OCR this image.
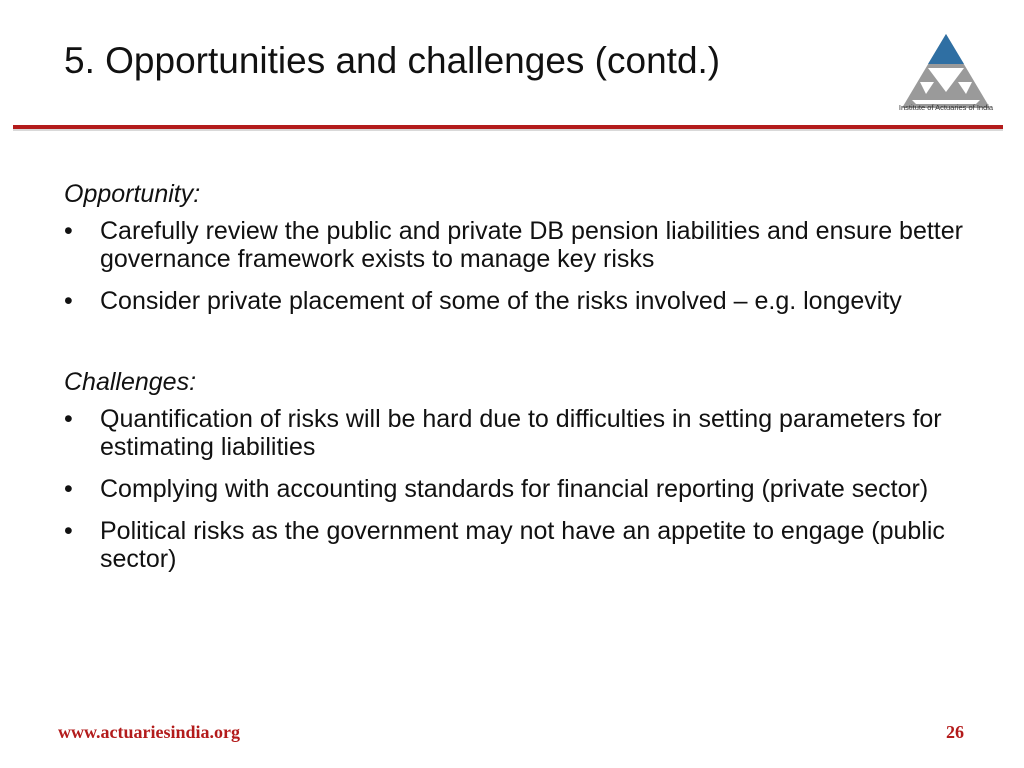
5. Opportunities and challenges (contd.)
Institute of Actuaries of India

Opportunity:

•	Carefully review the public and private DB pension liabilities and ensure better governance framework exists to manage key risks
•	Consider private placement of some of the risks involved – e.g. longevity

Challenges:

•	Quantification of risks will be hard due to difficulties in setting parameters for estimating liabilities
•	Complying with accounting standards for financial reporting (private sector)
•	Political risks as the government may not have an appetite to engage (public sector)
www.actuariesindia.org	26
